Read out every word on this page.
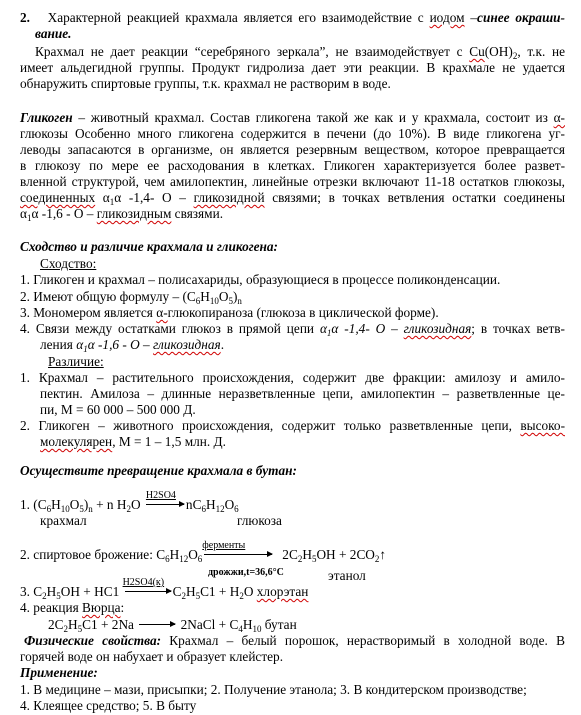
2. Характерной реакцией крахмала является его взаимодействие с иодом –синее окраши-
вание.
Крахмал не дает реакции “серебряного зеркала”, не взаимодействует с $Cu(OH)_2$, т.к. не
имеет альдегидной группы. Продукт гидролиза дает эти реакции. В крахмале не удается
обнаружить спиртовые группы, т.к. крахмал не растворим в воде.
Гликоген – животный крахмал. Состав гликогена такой же как и у крахмала, состоит из α-
глюкозы Особенно много гликогена содержится в печени (до 10%). В виде гликогена уг-
леводы запасаются в организме, он является резервным веществом, которое превращается
в глюкозу по мере ее расходования в клетках. Гликоген характеризуется более развет-
вленной структурой, чем амилопектин, линейные отрезки включают 11-18 остатков глюкозы,
соединенных $\alpha_1\alpha$ -1,4- О – гликозидной связями; в точках ветвления остатки соединены
$\alpha_1\alpha$ -1,6 - О – гликозидным связями.
Сходство и различие крахмала и гликогена:
Сходство:
1. Гликоген и крахмал – полисахариды, образующиеся в процессе поликонденсации.
2. Имеют общую формулу – $(С_6Н_{10}О_5)_n$
3. Мономером является α-глюкопираноза (глюкоза в циклической форме).
4. Связи между остатками глюкоз в прямой цепи $\alpha_1\alpha$ -1,4- О – гликозидная; в точках ветв-
ления $\alpha_1\alpha$ -1,6 - О – гликозидная.
Различие:
1. Крахмал – растительного происхождения, содержит две фракции: амилозу и амило-
пектин. Амилоза – длинные неразветвленные цепи, амилопектин – разветвленные це-
пи, М = 60 000 – 500 000 Д.
2. Гликоген – животного происхождения, содержит только разветвленные цепи, высоко-
молекулярен, М = 1 – 1,5 млн. Д.
Осуществите превращение крахмала в бутан:
1. $(С_6Н_{10}О_5)_n + n$ $Н_2О$
H2SO4
$nС_6Н_{12}О_6$
крахмал	глюкоза
2. спиртовое брожение: $С_6Н_{12}О_6$
ферменты
$2С_2Н_5ОН$ + $2СО_2↑$
дрожжи,t=36,6°С	этанол
3. $С_2Н_5ОН + НС1$
H2SO4(к)
$С_2Н_5С1 + Н_2О$ хлорэтан
4. реакция Вюрца:
$2С_2Н_5С1 + 2Na$	2NaCl + $С_4Н_{10}$ бутан
Физические свойства: Крахмал – белый порошок, нерастворимый в холодной воде. В
горячей воде он набухает и образует клейстер.
Применение:
1. В медицине – мази, присыпки; 2. Получение этанола; 3. В кондитерском производстве;
4. Клеящее средство; 5. В быту
